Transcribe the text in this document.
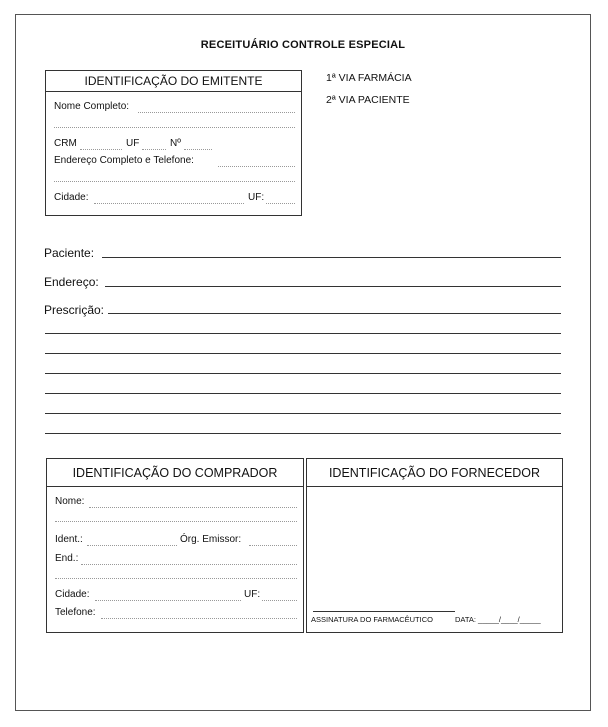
RECEITUÁRIO CONTROLE ESPECIAL
IDENTIFICAÇÃO DO EMITENTE
Nome Completo:
CRM	UF	Nº
Endereço Completo e Telefone:
Cidade:	UF:
1ª VIA FARMÁCIA
2ª VIA PACIENTE
Paciente:
Endereço:
Prescrição:
IDENTIFICAÇÃO DO COMPRADOR
Nome:
Ident.:	Órg. Emissor:
End.:
Cidade:	UF:
Telefone:
IDENTIFICAÇÃO DO FORNECEDOR
ASSINATURA DO FARMACÊUTICO	DATA: _____/____/_____
